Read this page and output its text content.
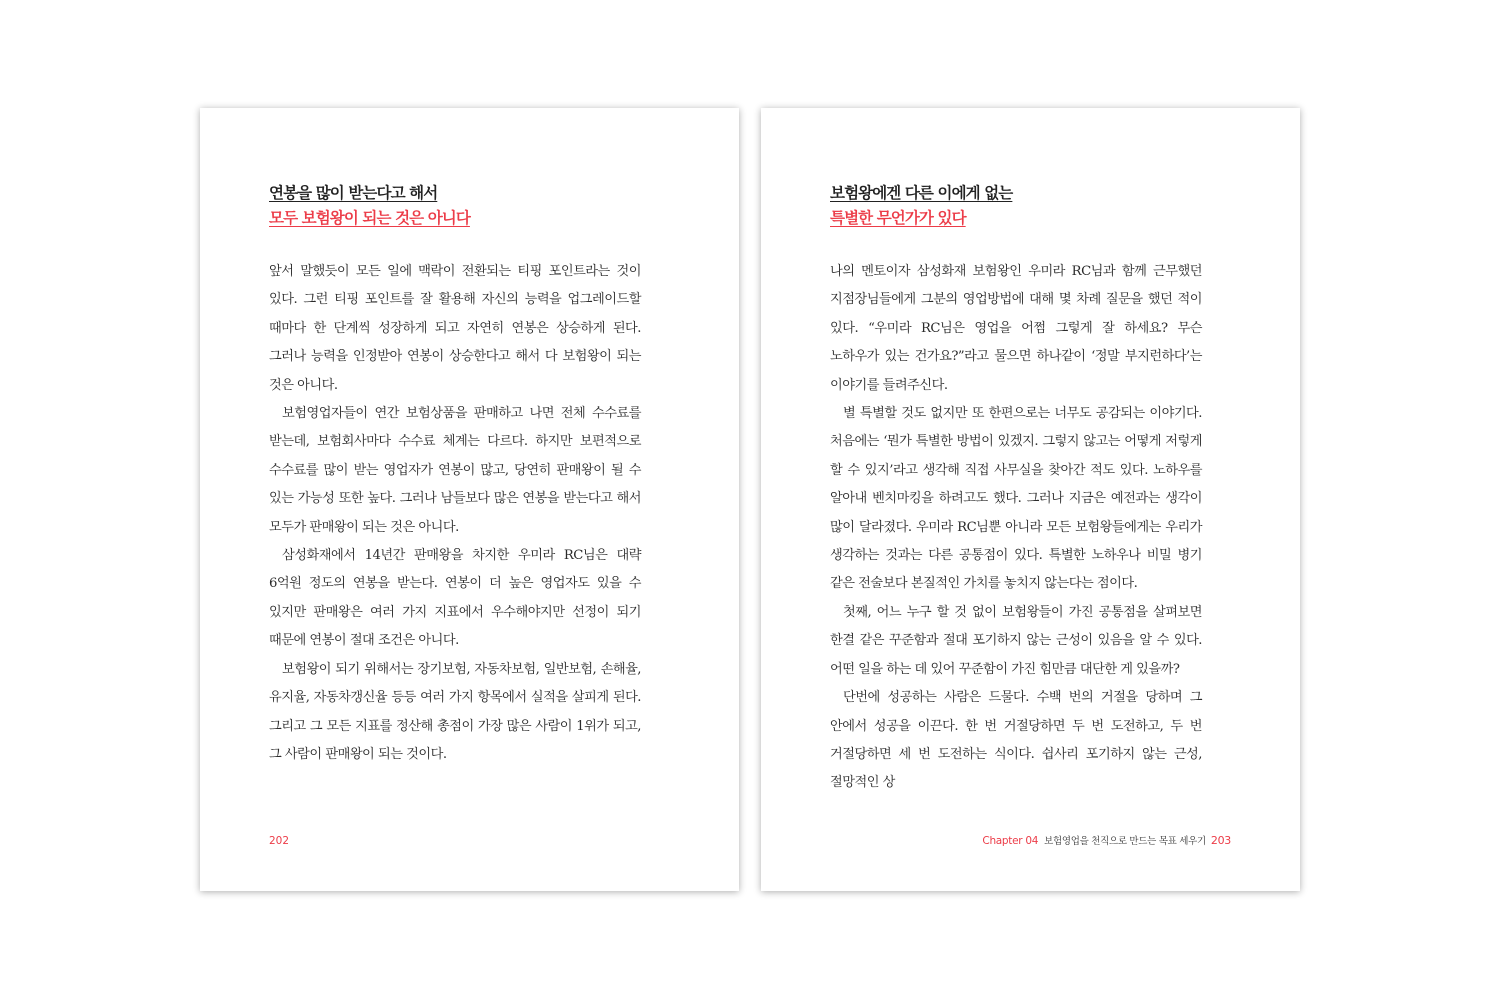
연봉을 많이 받는다고 해서
모두 보험왕이 되는 것은 아니다

앞서 말했듯이 모든 일에 맥락이 전환되는 티핑 포인트라는 것이 있다. 그런 티핑 포인트를 잘 활용해 자신의 능력을 업그레이드할 때마다 한 단계씩 성장하게 되고 자연히 연봉은 상승하게 된다. 그러나 능력을 인정받아 연봉이 상승한다고 해서 다 보험왕이 되는 것은 아니다.

보험영업자들이 연간 보험상품을 판매하고 나면 전체 수수료를 받는데, 보험회사마다 수수료 체계는 다르다. 하지만 보편적으로 수수료를 많이 받는 영업자가 연봉이 많고, 당연히 판매왕이 될 수 있는 가능성 또한 높다. 그러나 남들보다 많은 연봉을 받는다고 해서 모두가 판매왕이 되는 것은 아니다.

삼성화재에서 14년간 판매왕을 차지한 우미라 RC님은 대략 6억원 정도의 연봉을 받는다. 연봉이 더 높은 영업자도 있을 수 있지만 판매왕은 여러 가지 지표에서 우수해야지만 선정이 되기 때문에 연봉이 절대 조건은 아니다.

보험왕이 되기 위해서는 장기보험, 자동차보험, 일반보험, 손해율, 유지율, 자동차갱신율 등등 여러 가지 항목에서 실적을 살피게 된다. 그리고 그 모든 지표를 정산해 총점이 가장 많은 사람이 1위가 되고, 그 사람이 판매왕이 되는 것이다.

202
보험왕에겐 다른 이에게 없는
특별한 무언가가 있다

나의 멘토이자 삼성화재 보험왕인 우미라 RC님과 함께 근무했던 지점장님들에게 그분의 영업방법에 대해 몇 차례 질문을 했던 적이 있다. “우미라 RC님은 영업을 어쩜 그렇게 잘 하세요? 무슨 노하우가 있는 건가요?”라고 물으면 하나같이 ‘정말 부지런하다’는 이야기를 들려주신다.

별 특별할 것도 없지만 또 한편으로는 너무도 공감되는 이야기다. 처음에는 ‘뭔가 특별한 방법이 있겠지. 그렇지 않고는 어떻게 저렇게 할 수 있지’라고 생각해 직접 사무실을 찾아간 적도 있다. 노하우를 알아내 벤치마킹을 하려고도 했다. 그러나 지금은 예전과는 생각이 많이 달라졌다. 우미라 RC님뿐 아니라 모든 보험왕들에게는 우리가 생각하는 것과는 다른 공통점이 있다. 특별한 노하우나 비밀 병기 같은 전술보다 본질적인 가치를 놓치지 않는다는 점이다.

첫째, 어느 누구 할 것 없이 보험왕들이 가진 공통점을 살펴보면 한결 같은 꾸준함과 절대 포기하지 않는 근성이 있음을 알 수 있다. 어떤 일을 하는 데 있어 꾸준함이 가진 힘만큼 대단한 게 있을까?

단번에 성공하는 사람은 드물다. 수백 번의 거절을 당하며 그 안에서 성공을 이끈다. 한 번 거절당하면 두 번 도전하고, 두 번 거절당하면 세 번 도전하는 식이다. 쉽사리 포기하지 않는 근성, 절망적인 상

Chapter 04 보험영업을 천직으로 만드는 목표 세우기 203
